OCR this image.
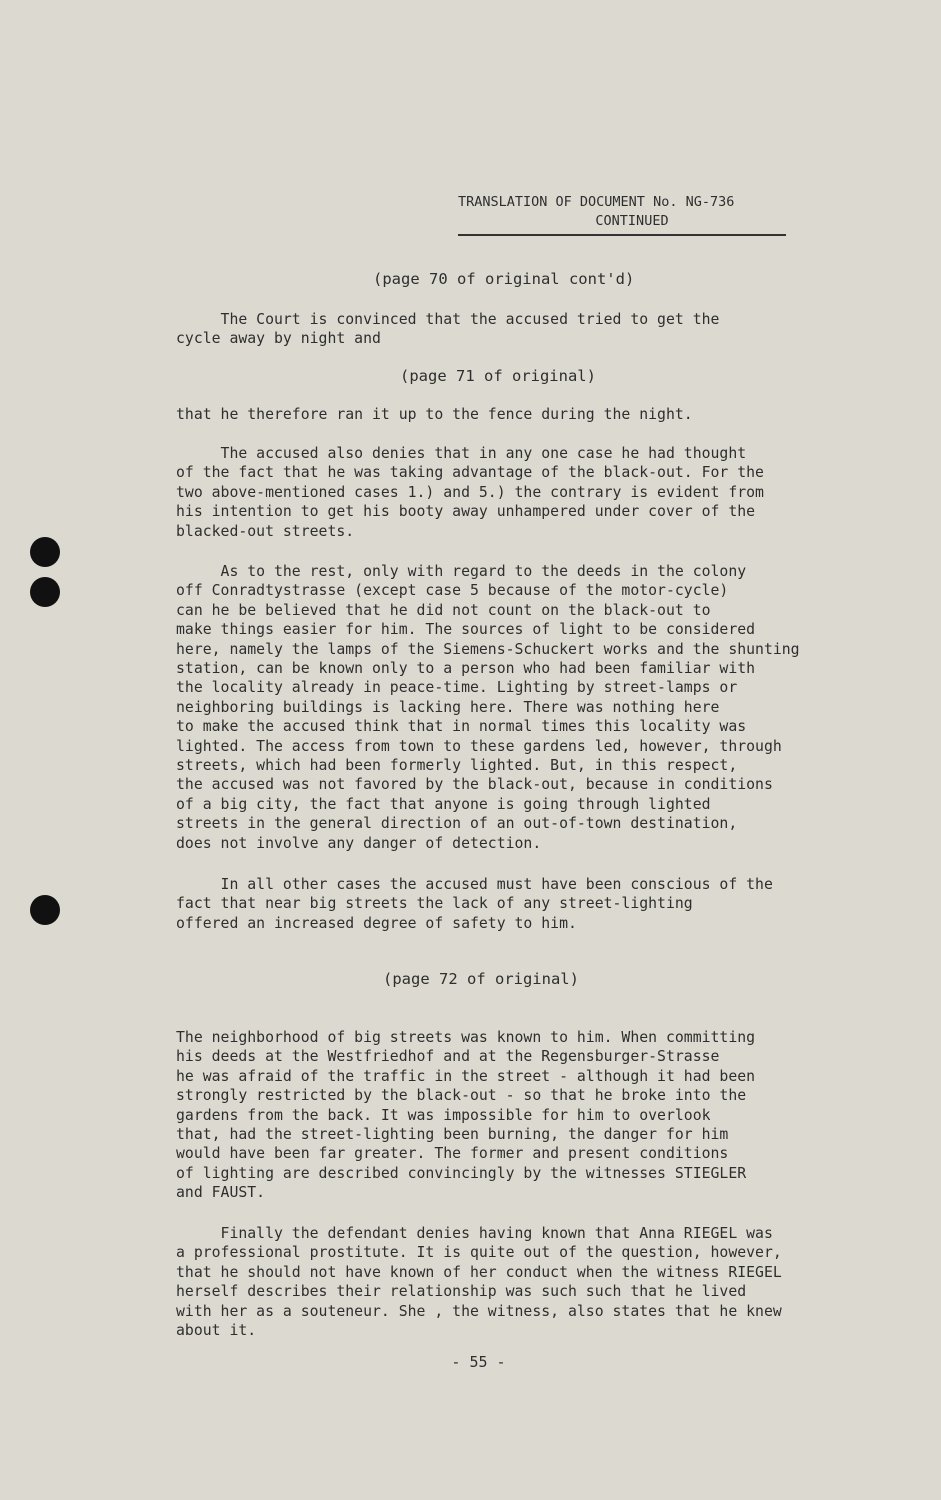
TRANSLATION OF DOCUMENT No. NG-736
CONTINUED
(page 70 of original cont'd)
The Court is convinced that the accused tried to get the
cycle away by night and
(page 71 of original)
that he therefore ran it up to the fence during the night.
The accused also denies that in any one case he had thought
of the fact that he was taking advantage of the black-out. For the
two above-mentioned cases 1.) and 5.) the contrary is evident from
his intention to get his booty away unhampered under cover of the
blacked-out streets.
As to the rest, only with regard to the deeds in the colony
off Conradtystrasse (except case 5 because of the motor-cycle)
can he be believed that he did not count on the black-out to
make things easier for him. The sources of light to be considered
here, namely the lamps of the Siemens-Schuckert works and the shunting
station, can be known only to a person who had been familiar with
the locality already in peace-time. Lighting by street-lamps or
neighboring buildings is lacking here. There was nothing here
to make the accused think that in normal times this locality was
lighted. The access from town to these gardens led, however, through
streets, which had been formerly lighted. But, in this respect,
the accused was not favored by the black-out, because in conditions
of a big city, the fact that anyone is going through lighted
streets in the general direction of an out-of-town destination,
does not involve any danger of detection.
In all other cases the accused must have been conscious of the
fact that near big streets the lack of any street-lighting
offered an increased degree of safety to him.
(page 72 of original)
The neighborhood of big streets was known to him. When committing
his deeds at the Westfriedhof and at the Regensburger-Strasse
he was afraid of the traffic in the street - although it had been
strongly restricted by the black-out - so that he broke into the
gardens from the back. It was impossible for him to overlook
that, had the street-lighting been burning, the danger for him
would have been far greater. The former and present conditions
of lighting are described convincingly by the witnesses STIEGLER
and FAUST.
Finally the defendant denies having known that Anna RIEGEL was
a professional prostitute. It is quite out of the question, however,
that he should not have known of her conduct when the witness RIEGEL
herself describes their relationship was such such that he lived
with her as a souteneur. She , the witness, also states that he knew
about it.
- 55 -
